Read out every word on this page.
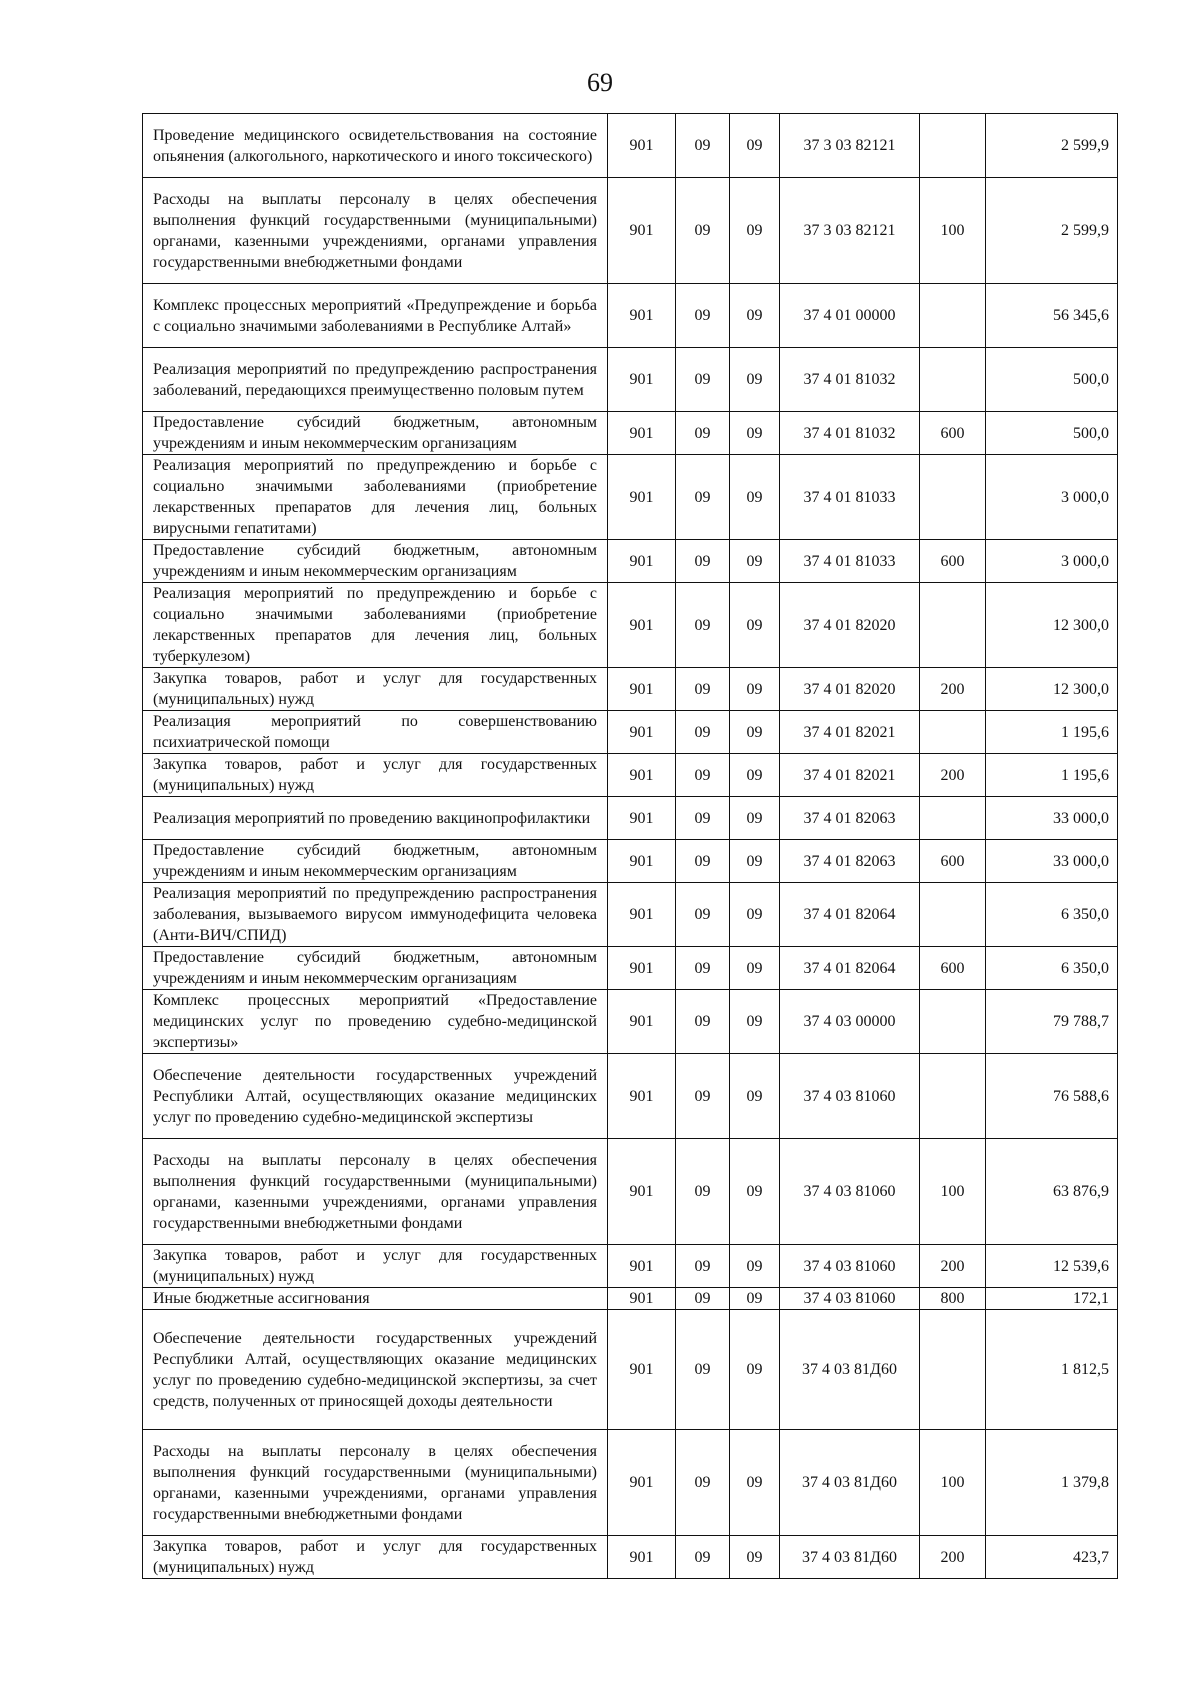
69
Проведение медицинского освидетельствования на состояние опьянения (алкогольного, наркотического и иного токсического)	901	09	09	37 3 03 82121		2 599,9
Расходы на выплаты персоналу в целях обеспечения выполнения функций государственными (муниципальными) органами, казенными учреждениями, органами управления государственными внебюджетными фондами	901	09	09	37 3 03 82121	100	2 599,9
Комплекс процессных мероприятий «Предупреждение и борьба с социально значимыми заболеваниями в Республике Алтай»	901	09	09	37 4 01 00000		56 345,6
Реализация мероприятий по предупреждению распространения заболеваний, передающихся преимущественно половым путем	901	09	09	37 4 01 81032		500,0
Предоставление субсидий бюджетным, автономным учреждениям и иным некоммерческим организациям	901	09	09	37 4 01 81032	600	500,0
Реализация мероприятий по предупреждению и борьбе с социально значимыми заболеваниями (приобретение лекарственных препаратов для лечения лиц, больных вирусными гепатитами)	901	09	09	37 4 01 81033		3 000,0
Предоставление субсидий бюджетным, автономным учреждениям и иным некоммерческим организациям	901	09	09	37 4 01 81033	600	3 000,0
Реализация мероприятий по предупреждению и борьбе с социально значимыми заболеваниями (приобретение лекарственных препаратов для лечения лиц, больных туберкулезом)	901	09	09	37 4 01 82020		12 300,0
Закупка товаров, работ и услуг для государственных (муниципальных) нужд	901	09	09	37 4 01 82020	200	12 300,0
Реализация мероприятий по совершенствованию психиатрической помощи	901	09	09	37 4 01 82021		1 195,6
Закупка товаров, работ и услуг для государственных (муниципальных) нужд	901	09	09	37 4 01 82021	200	1 195,6
Реализация мероприятий по проведению вакцинопрофилактики	901	09	09	37 4 01 82063		33 000,0
Предоставление субсидий бюджетным, автономным учреждениям и иным некоммерческим организациям	901	09	09	37 4 01 82063	600	33 000,0
Реализация мероприятий по предупреждению распространения заболевания, вызываемого вирусом иммунодефицита человека (Анти-ВИЧ/СПИД)	901	09	09	37 4 01 82064		6 350,0
Предоставление субсидий бюджетным, автономным учреждениям и иным некоммерческим организациям	901	09	09	37 4 01 82064	600	6 350,0
Комплекс процессных мероприятий «Предоставление медицинских услуг по проведению судебно-медицинской экспертизы»	901	09	09	37 4 03 00000		79 788,7
Обеспечение деятельности государственных учреждений Республики Алтай, осуществляющих оказание медицинских услуг по проведению судебно-медицинской экспертизы	901	09	09	37 4 03 81060		76 588,6
Расходы на выплаты персоналу в целях обеспечения выполнения функций государственными (муниципальными) органами, казенными учреждениями, органами управления государственными внебюджетными фондами	901	09	09	37 4 03 81060	100	63 876,9
Закупка товаров, работ и услуг для государственных (муниципальных) нужд	901	09	09	37 4 03 81060	200	12 539,6
Иные бюджетные ассигнования	901	09	09	37 4 03 81060	800	172,1
Обеспечение деятельности государственных учреждений Республики Алтай, осуществляющих оказание медицинских услуг по проведению судебно-медицинской экспертизы, за счет средств, полученных от приносящей доходы деятельности	901	09	09	37 4 03 81Д60		1 812,5
Расходы на выплаты персоналу в целях обеспечения выполнения функций государственными (муниципальными) органами, казенными учреждениями, органами управления государственными внебюджетными фондами	901	09	09	37 4 03 81Д60	100	1 379,8
Закупка товаров, работ и услуг для государственных (муниципальных) нужд	901	09	09	37 4 03 81Д60	200	423,7
